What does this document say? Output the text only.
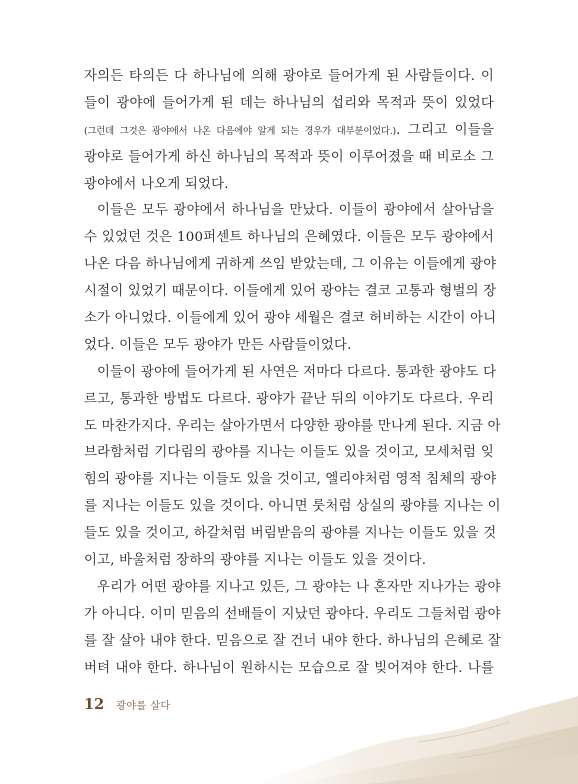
자의든 타의든 다 하나님에 의해 광야로 들어가게 된 사람들이다. 이
들이 광야에 들어가게 된 데는 하나님의 섭리와 목적과 뜻이 있었다
(그런데 그것은 광야에서 나온 다음에야 알게 되는 경우가 대부분이었다.). 그리고 이들을
광야로 들어가게 하신 하나님의 목적과 뜻이 이루어졌을 때 비로소 그
광야에서 나오게 되었다.
이들은 모두 광야에서 하나님을 만났다. 이들이 광야에서 살아남을
수 있었던 것은 100퍼센트 하나님의 은혜였다. 이들은 모두 광야에서
나온 다음 하나님에게 귀하게 쓰임 받았는데, 그 이유는 이들에게 광야
시절이 있었기 때문이다. 이들에게 있어 광야는 결코 고통과 형벌의 장
소가 아니었다. 이들에게 있어 광야 세월은 결코 허비하는 시간이 아니
었다. 이들은 모두 광야가 만든 사람들이었다.
이들이 광야에 들어가게 된 사연은 저마다 다르다. 통과한 광야도 다
르고, 통과한 방법도 다르다. 광야가 끝난 뒤의 이야기도 다르다. 우리
도 마찬가지다. 우리는 살아가면서 다양한 광야를 만나게 된다. 지금 아
브라함처럼 기다림의 광야를 지나는 이들도 있을 것이고, 모세처럼 잊
힘의 광야를 지나는 이들도 있을 것이고, 엘리야처럼 영적 침체의 광야
를 지나는 이들도 있을 것이다. 아니면 룻처럼 상실의 광야를 지나는 이
들도 있을 것이고, 하갈처럼 버림받음의 광야를 지나는 이들도 있을 것
이고, 바울처럼 장하의 광야를 지나는 이들도 있을 것이다.
우리가 어떤 광야를 지나고 있든, 그 광야는 나 혼자만 지나가는 광야
가 아니다. 이미 믿음의 선배들이 지났던 광야다. 우리도 그들처럼 광야
를 잘 살아 내야 한다. 믿음으로 잘 건너 내야 한다. 하나님의 은혜로 잘
버텨 내야 한다. 하나님이 원하시는 모습으로 잘 빚어져야 한다. 나를
12 광야를 살다
